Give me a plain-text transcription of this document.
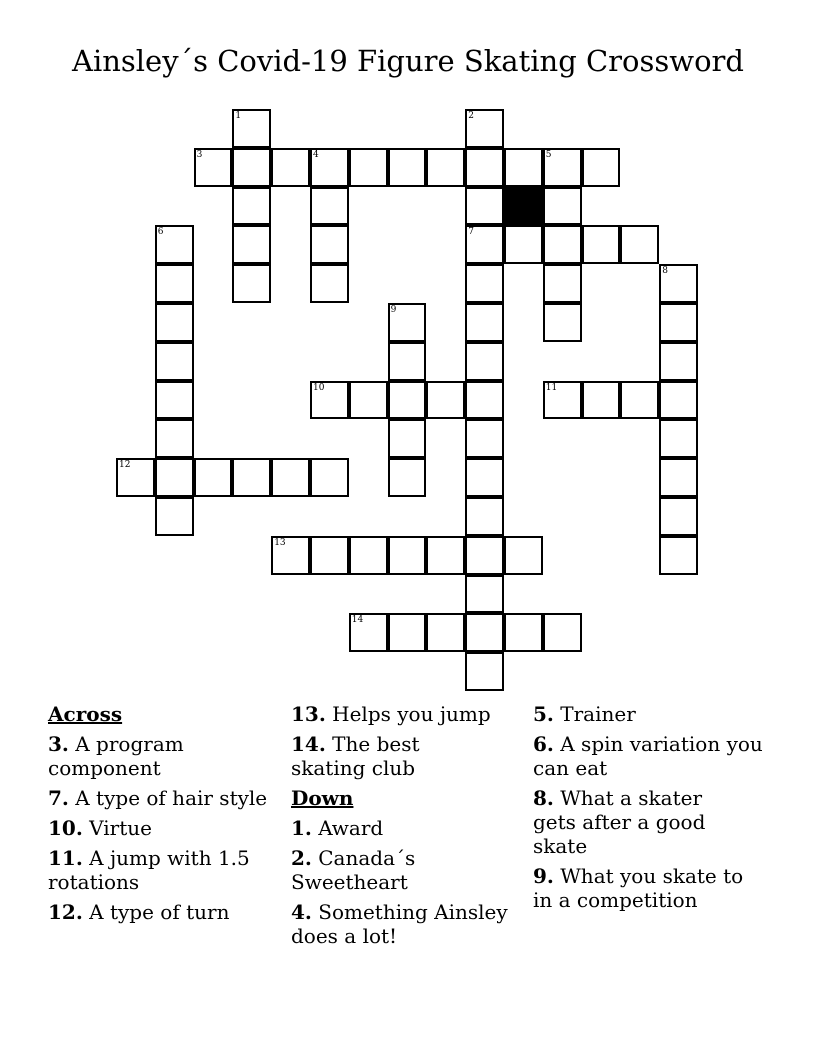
Ainsley´s Covid-19 Figure Skating Crossword
1	2
7
3	4	5
6
8
9
10	11
12
13
14
Across
3. A program component
7. A type of hair style
10. Virtue
11. A jump with 1.5 rotations
12. A type of turn
13. Helps you jump
14. The best skating club
Down
1. Award
2. Canada´s Sweetheart
4. Something Ainsley does a lot!
5. Trainer
6. A spin variation you can eat
8. What a skater gets after a good skate
9. What you skate to in a competition
